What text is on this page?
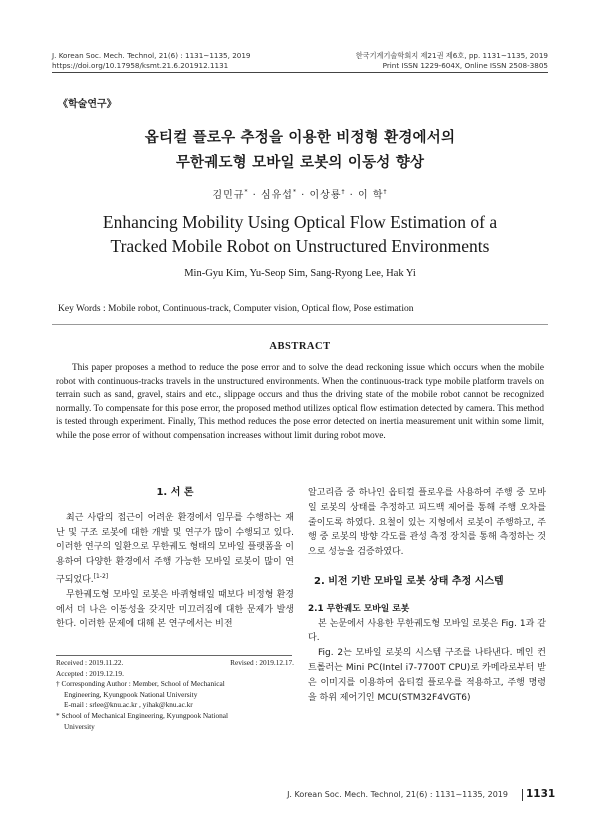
J. Korean Soc. Mech. Technol, 21(6) : 1131~1135, 2019
https://doi.org/10.17958/ksmt.21.6.201912.1131
한국기계기술학회지 제21권 제6호, pp. 1131~1135, 2019
Print ISSN 1229-604X, Online ISSN 2508-3805
《학술연구》
옵티컬 플로우 추정을 이용한 비정형 환경에서의
무한궤도형 모바일 로봇의 이동성 향상
김민규* · 심유섭* · 이상룡† · 이 학†
Enhancing Mobility Using Optical Flow Estimation of a
Tracked Mobile Robot on Unstructured Environments
Min-Gyu Kim, Yu-Seop Sim, Sang-Ryong Lee, Hak Yi
Key Words : Mobile robot, Continuous-track, Computer vision, Optical flow, Pose estimation
ABSTRACT
This paper proposes a method to reduce the pose error and to solve the dead reckoning issue which occurs when the mobile robot with continuous-tracks travels in the unstructured environments. When the continuous-track type mobile platform travels on terrain such as sand, gravel, stairs and etc., slippage occurs and thus the driving state of the mobile robot cannot be recognized normally. To compensate for this pose error, the proposed method utilizes optical flow estimation detected by camera. This method is tested through experiment. Finally, This method reduces the pose error detected on inertia measurement unit within some limit, while the pose error of without compensation increases without limit during robot move.
1. 서 론

최근 사람의 접근이 어려운 환경에서 임무를 수행하는 재난 및 구조 로봇에 대한 개발 및 연구가 많이 수행되고 있다. 이러한 연구의 일환으로 무한궤도 형태의 모바일 플랫폼을 이용하여 다양한 환경에서 주행 가능한 모바일 로봇이 많이 연구되었다.[1-2]

무한궤도형 모바일 로봇은 바퀴형태일 때보다 비정형 환경에서 더 나은 이동성을 갖지만 미끄러짐에 대한 문제가 발생한다. 이러한 문제에 대해 본 연구에서는 비전

Received : 2019.11.22.	Revised : 2019.12.17.
Accepted : 2019.12.19.
† Corresponding Author : Member, School of Mechanical
Engineering, Kyungpook National University
E-mail : srlee@knu.ac.kr , yihak@knu.ac.kr
* School of Mechanical Engineering, Kyungpook National
University

알고리즘 중 하나인 옵티컬 플로우를 사용하여 주행 중 모바일 로봇의 상태를 추정하고 피드백 제어를 통해 주행 오차를 줄이도록 하였다. 요철이 있는 지형에서 로봇이 주행하고, 주행 중 로봇의 방향 각도를 관성 측정 장치를 통해 측정하는 것으로 성능을 검증하였다.

2. 비전 기반 모바일 로봇 상태 추정 시스템
2.1 무한궤도 모바일 로봇

본 논문에서 사용한 무한궤도형 모바일 로봇은 Fig. 1과 같다.

Fig. 2는 모바일 로봇의 시스템 구조를 나타낸다. 메인 컨트롤러는 Mini PC(Intel i7-7700T CPU)로 카메라로부터 받은 이미지를 이용하여 옵티컬 플로우를 적용하고, 주행 명령을 하위 제어기인 MCU(STM32F4VGT6)

J. Korean Soc. Mech. Technol, 21(6) : 1131~1135, 2019 1131
